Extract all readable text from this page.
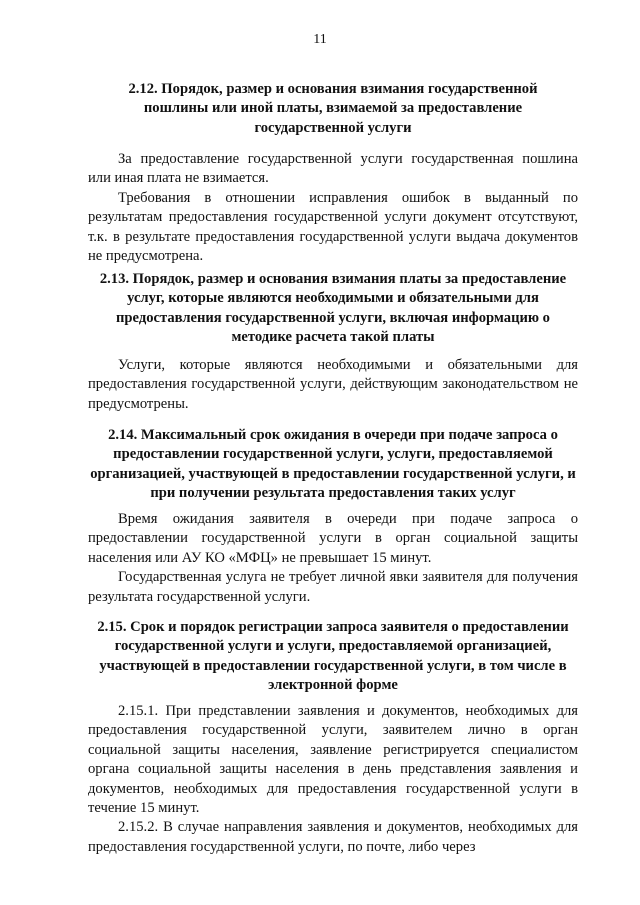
11

2.12. Порядок, размер и основания взимания государственной пошлины или иной платы, взимаемой за предоставление государственной услуги

За предоставление государственной услуги государственная пошлина или иная плата не взимается.

Требования в отношении исправления ошибок в выданный по результатам предоставления государственной услуги документ отсутствуют, т.к. в результате предоставления государственной услуги выдача документов не предусмотрена.

2.13. Порядок, размер и основания взимания платы за предоставление услуг, которые являются необходимыми и обязательными для предоставления государственной услуги, включая информацию о методике расчета такой платы

Услуги, которые являются необходимыми и обязательными для предоставления государственной услуги, действующим законодательством не предусмотрены.

2.14. Максимальный срок ожидания в очереди при подаче запроса о предоставлении государственной услуги, услуги, предоставляемой организацией, участвующей в предоставлении государственной услуги, и при получении результата предоставления таких услуг

Время ожидания заявителя в очереди при подаче запроса о предоставлении государственной услуги в орган социальной защиты населения или АУ КО «МФЦ» не превышает 15 минут.

Государственная услуга не требует личной явки заявителя для получения результата государственной услуги.

2.15. Срок и порядок регистрации запроса заявителя о предоставлении государственной услуги и услуги, предоставляемой организацией, участвующей в предоставлении государственной услуги, в том числе в электронной форме

2.15.1. При представлении заявления и документов, необходимых для предоставления государственной услуги, заявителем лично в орган социальной защиты населения, заявление регистрируется специалистом органа социальной защиты населения в день представления заявления и документов, необходимых для предоставления государственной услуги в течение 15 минут.

2.15.2. В случае направления заявления и документов, необходимых для предоставления государственной услуги, по почте, либо через
